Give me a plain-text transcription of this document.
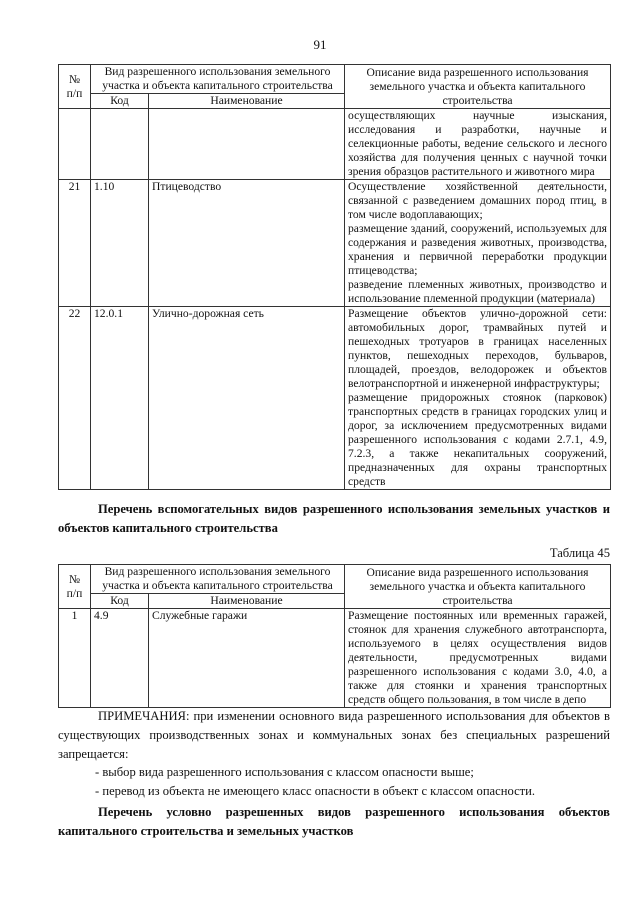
91
№
п/п	Вид разрешенного использования земельного участка и объекта капитального строительства		Описание вида разрешенного использования земельного участка и объекта капитального строительства
	Код	Наименование	
			осуществляющих научные изыскания, исследования и разработки, научные и селекционные работы, ведение сельского и лесного хозяйства для получения ценных с научной точки зрения образцов растительного и животного мира
21	1.10	Птицеводство	Осуществление хозяйственной деятельности, связанной с разведением домашних пород птиц, в том числе водоплавающих;
размещение зданий, сооружений, используемых для содержания и разведения животных, производства, хранения и первичной переработки продукции птицеводства;
разведение племенных животных, производство и использование племенной продукции (материала)
22	12.0.1	Улично-дорожная сеть	Размещение объектов улично-дорожной сети: автомобильных дорог, трамвайных путей и пешеходных тротуаров в границах населенных пунктов, пешеходных переходов, бульваров, площадей, проездов, велодорожек и объектов велотранспортной и инженерной инфраструктуры;
размещение придорожных стоянок (парковок) транспортных средств в границах городских улиц и дорог, за исключением предусмотренных видами разрешенного использования с кодами 2.7.1, 4.9, 7.2.3, а также некапитальных сооружений, предназначенных для охраны транспортных средств
Перечень вспомогательных видов разрешенного использования земельных участков и объектов капитального строительства
Таблица 45
№
п/п	Вид разрешенного использования земельного участка и объекта капитального строительства		Описание вида разрешенного использования земельного участка и объекта капитального строительства
	Код	Наименование	
1	4.9	Служебные гаражи	Размещение постоянных или временных гаражей, стоянок для хранения служебного автотранспорта, используемого в целях осуществления видов деятельности, предусмотренных видами разрешенного использования с кодами 3.0, 4.0, а также для стоянки и хранения транспортных средств общего пользования, в том числе в депо
ПРИМЕЧАНИЯ: при изменении основного вида разрешенного использования для объектов в существующих производственных зонах и коммунальных зонах без специальных разрешений запрещается:
- выбор вида разрешенного использования с классом опасности выше;
- перевод из объекта не имеющего класс опасности в объект с классом опасности.
Перечень условно разрешенных видов разрешенного использования объектов капитального строительства и земельных участков
